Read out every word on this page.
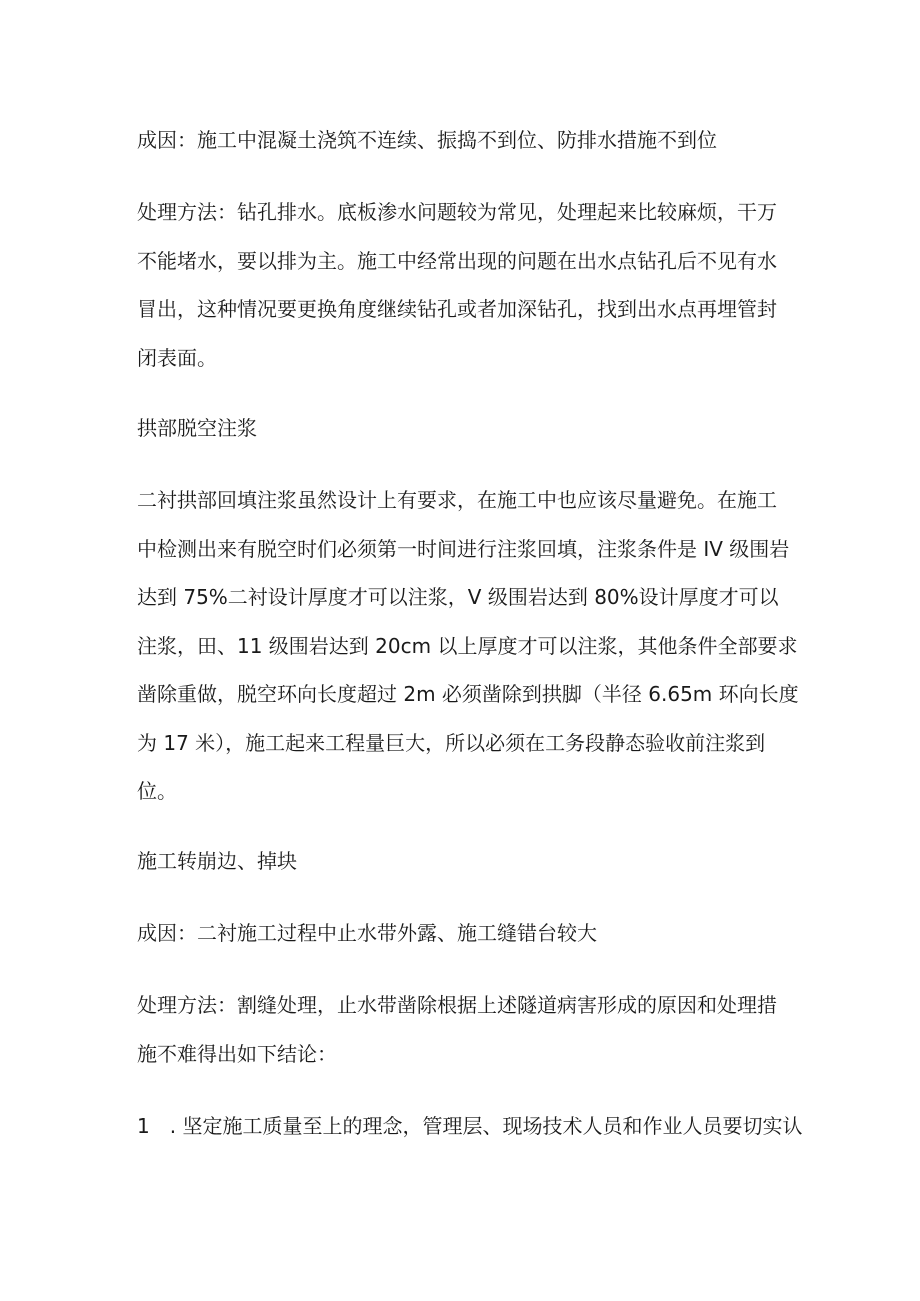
成因：施工中混凝土浇筑不连续、振捣不到位、防排水措施不到位

处理方法：钻孔排水。底板渗水问题较为常见，处理起来比较麻烦，干万
不能堵水，要以排为主。施工中经常出现的问题在出水点钻孔后不见有水
冒出，这种情况要更换角度继续钻孔或者加深钻孔，找到出水点再埋管封
闭表面。

拱部脱空注浆

二衬拱部回填注浆虽然设计上有要求，在施工中也应该尽量避免。在施工
中检测出来有脱空时们必须第一时间进行注浆回填，注浆条件是 IV 级围岩
达到 75%二衬设计厚度才可以注浆，V 级围岩达到 80%设计厚度才可以
注浆，田、11 级围岩达到 20cm 以上厚度才可以注浆，其他条件全部要求
凿除重做，脱空环向长度超过 2m 必须凿除到拱脚（半径 6.65m 环向长度
为 17 米），施工起来工程量巨大，所以必须在工务段静态验收前注浆到
位。

施工转崩边、掉块

成因：二衬施工过程中止水带外露、施工缝错台较大

处理方法：割缝处理，止水带凿除根据上述隧道病害形成的原因和处理措
施不难得出如下结论：

1　. 坚定施工质量至上的理念，管理层、现场技术人员和作业人员要切实认
